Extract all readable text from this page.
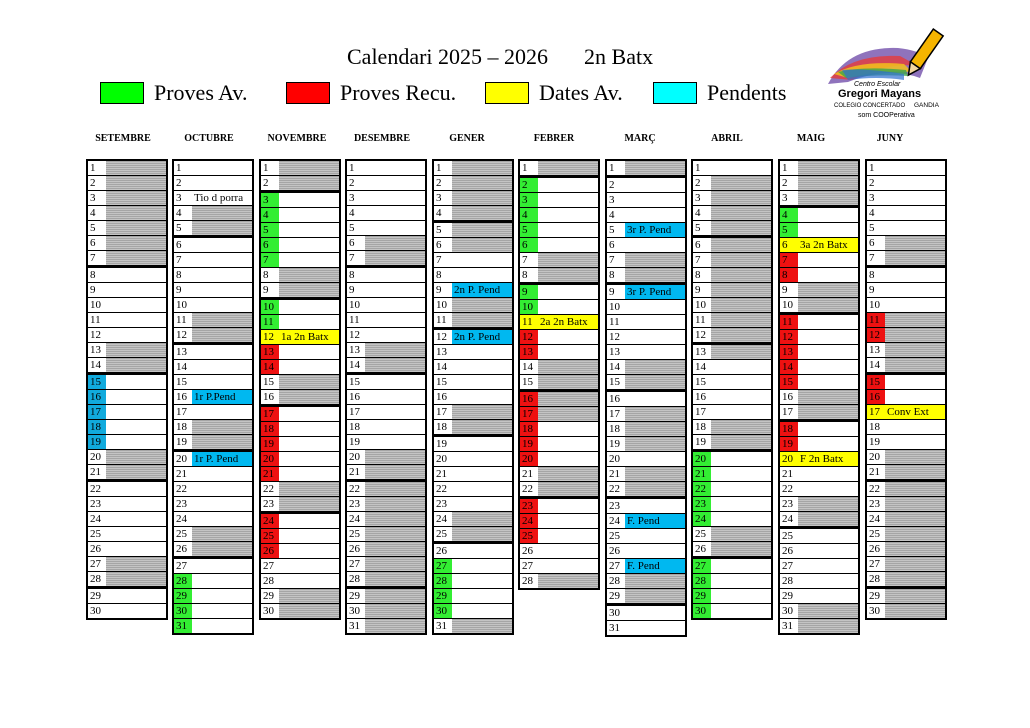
Calendari 2025 – 2026 2n Batx
Proves Av.	Proves Recu.	Dates Av.	Pendents	Centro Escolar
Gregori Mayans
COLEGIO CONCERTADO GANDIA
som COOPerativa
SETEMBRE
1
2
3
4
5
6
7
8
9
10
11
12
13
14
15
16
17
18
19
20
21
22
23
24
25
26
27
28
29
30
OCTUBRE
1
2
3	Tio d porra
4
5
6
7
8
9
10
11
12
13
14
15
16 1r P.Pend
17
18
19
20 1r P. Pend
21
22
23
24
25
26
27
28
29
30
31
NOVEMBRE
1
2
3
4
5
6
7
8
9
10
11
12 1a 2n Batx
13
14
15
16
17
18
19
20
21
22
23
24
25
26
27
28
29
30
DESEMBRE
1
2
3
4
5
6
7
8
9
10
11
12
13
14
15
16
17
18
19
20
21
22
23
24
25
26
27
28
29
30
31
GENER
1
2
3
4
5
6
7
8
9	2n P. Pend
10
11
12 2n P. Pend
13
14
15
16
17
18
19
20
21
22
23
24
25
26
27
28
29
30
31
FEBRER
1
2
3
4
5
6
7
8
9
10
11 2a 2n Batx
12
13
14
15
16
17
18
19
20
21
22
23
24
25
26
27
28
MARÇ
1
2
3
4
5	3r P. Pend
6
7
8
9	3r P. Pend
10
11
12
13
14
15
16
17
18
19
20
21
22
23
24 F. Pend
25
26
27 F. Pend
28
29
30
31
ABRIL
1
2
3
4
5
6
7
8
9
10
11
12
13
14
15
16
17
18
19
20
21
22
23
24
25
26
27
28
29
30
MAIG
1
2
3
4
5
6	3a 2n Batx
7
8
9
10
11
12
13
14
15
16
17
18
19
20 F 2n Batx
21
22
23
24
25
26
27
28
29
30
31
JUNY
1
2
3
4
5
6
7
8
9
10
11
12
13
14
15
16
17 Conv Ext
18
19
20
21
22
23
24
25
26
27
28
29
30
